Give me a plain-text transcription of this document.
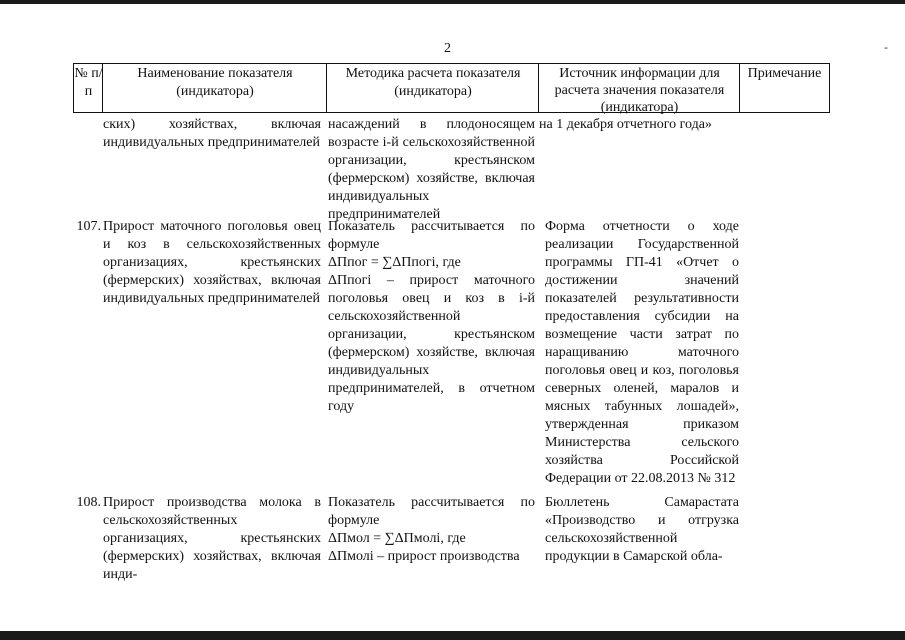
2	-
№ п/п
Наименование показателя (индикатора)
Методика расчета показателя (индикатора)
Источник информации для расчета значения показателя (индикатора)
Примечание
ских) хозяйствах, включая индивидуальных предпринимателей
насаждений в плодоносящем возрасте i-й сельскохозяйственной организации, крестьянском (фермерском) хозяйстве, включая индивидуальных предпринимателей
на 1 декабря отчетного года»
107. Прирост маточного поголовья овец и коз в сельскохозяйственных организациях, крестьянских (фермерских) хозяйствах, включая индивидуальных предпринимателей
Показатель рассчитывается по формуле
ΔПпог = ∑ΔПпогi, где
ΔПпогi – прирост маточного поголовья овец и коз в i-й сельскохозяйственной организации, крестьянском (фермерском) хозяйстве, включая индивидуальных предпринимателей, в отчетном году
Форма отчетности о ходе реализации Государственной программы ГП-41 «Отчет о достижении значений показателей результативности предоставления субсидии на возмещение части затрат по наращиванию маточного поголовья овец и коз, поголовья северных оленей, маралов и мясных табунных лошадей», утвержденная приказом Министерства сельского хозяйства Российской Федерации от 22.08.2013 № 312
108. Прирост производства молока в сельскохозяйственных организациях, крестьянских (фермерских) хозяйствах, включая инди-
Показатель рассчитывается по формуле
ΔПмол = ∑ΔПмолi, где
ΔПмолi – прирост производства
Бюллетень Самарастата «Производство и отгрузка сельскохозяйственной продукции в Самарской обла-
